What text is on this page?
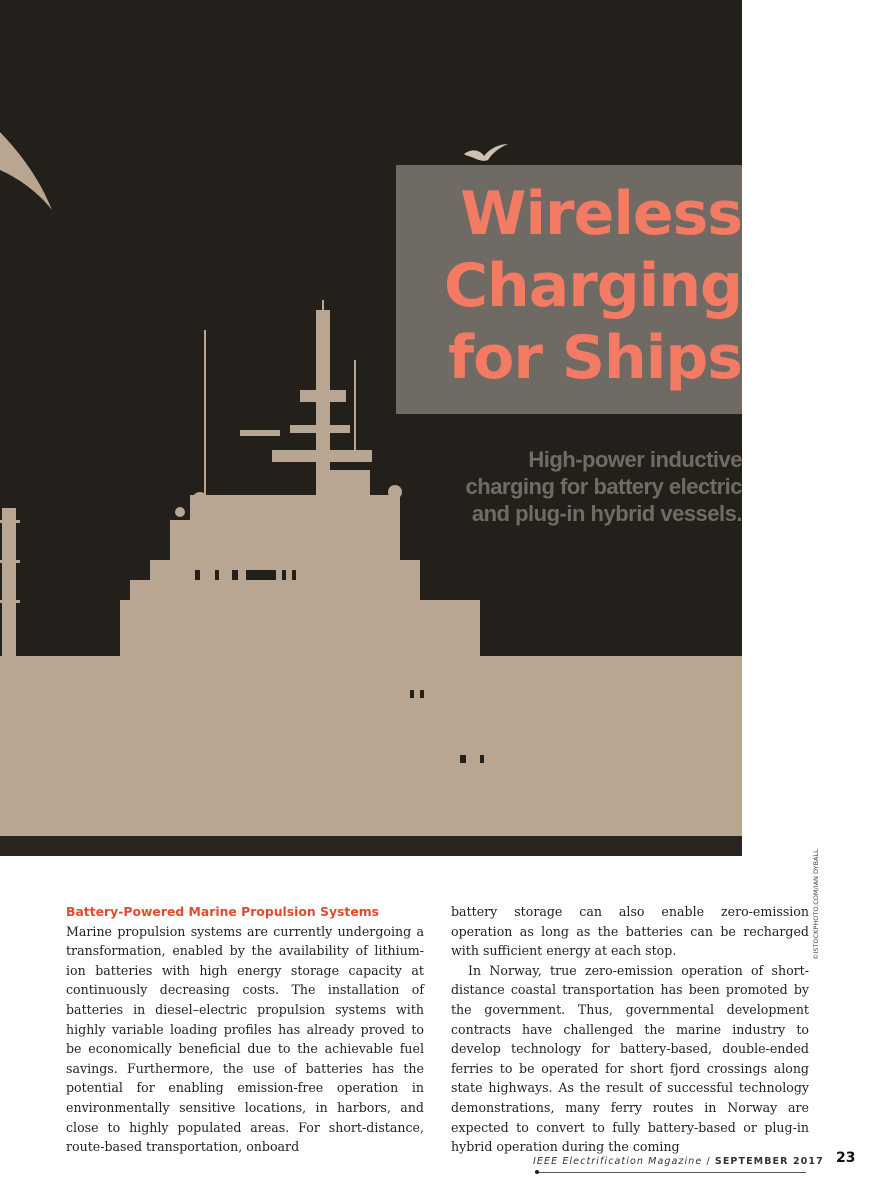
Wireless
Charging
for Ships
High-power inductive
charging for battery electric
and plug-in hybrid vessels.
©ISTOCKPHOTO.COM/IAN DYBALL
Battery-Powered Marine Propulsion Systems

Marine propulsion systems are currently undergoing a transformation, enabled by the availability of lithium-ion batteries with high energy storage capacity at continuously decreasing costs. The installation of batteries in diesel–electric propulsion systems with highly variable loading profiles has already proved to be economically beneficial due to the achievable fuel savings. Furthermore, the use of batteries has the potential for enabling emission-free operation in environmentally sensitive locations, in harbors, and close to highly populated areas. For short-distance, route-based transportation, onboard

battery storage can also enable zero-emission operation as long as the batteries can be recharged with sufficient energy at each stop.

In Norway, true zero-emission operation of short-distance coastal transportation has been promoted by the government. Thus, governmental development contracts have challenged the marine industry to develop technology for battery-based, double-ended ferries to be operated for short fjord crossings along state highways. As the result of successful technology demonstrations, many ferry routes in Norway are expected to convert to fully battery-based or plug-in hybrid operation during the coming

IEEE Electrification Magazine / SEPTEMBER 2017 23
